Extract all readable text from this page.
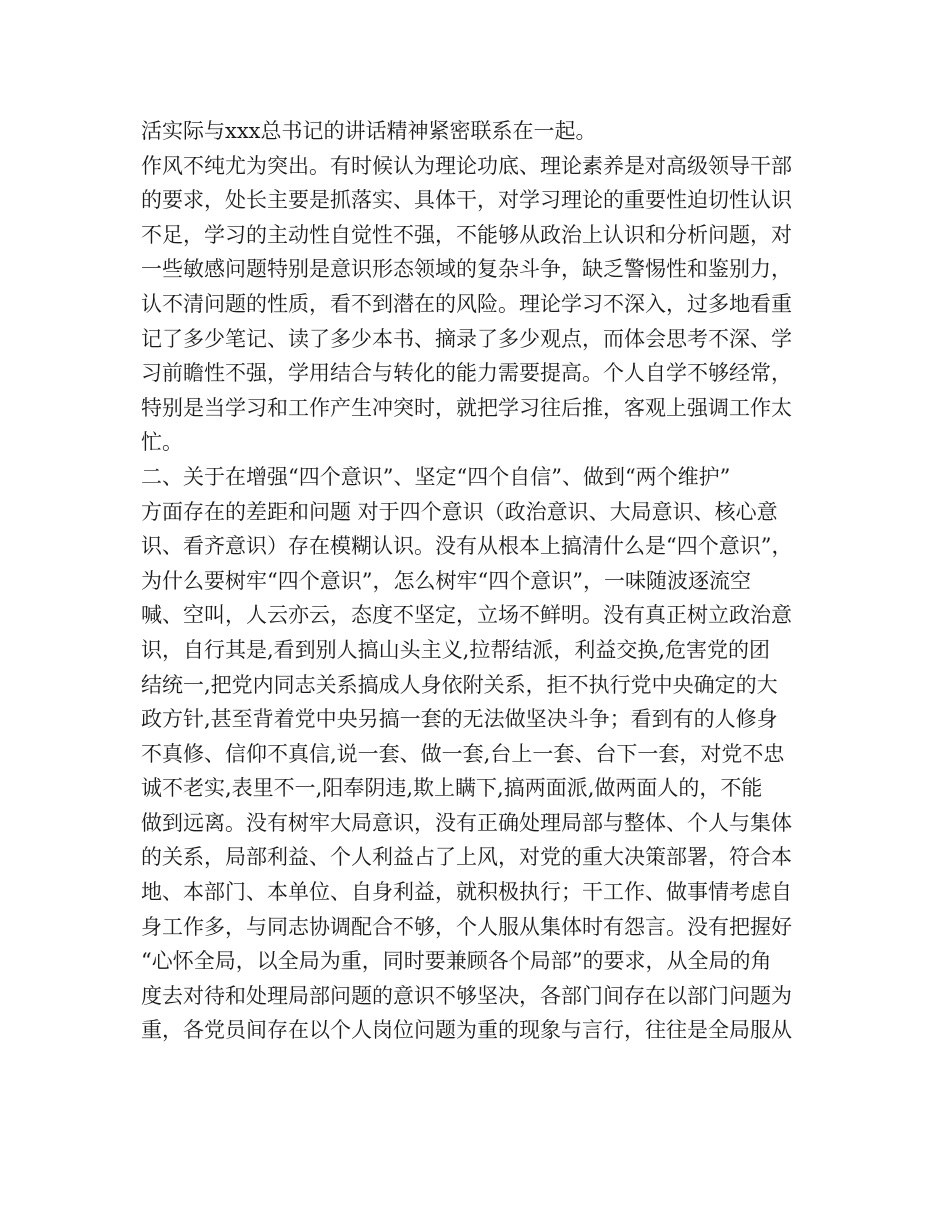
活实际与xxx总书记的讲话精神紧密联系在一起。
作风不纯尤为突出。有时候认为理论功底、理论素养是对高级领导干部
的要求，处长主要是抓落实、具体干，对学习理论的重要性迫切性认识
不足，学习的主动性自觉性不强，不能够从政治上认识和分析问题，对
一些敏感问题特别是意识形态领域的复杂斗争，缺乏警惕性和鉴别力，
认不清问题的性质，看不到潜在的风险。理论学习不深入，过多地看重
记了多少笔记、读了多少本书、摘录了多少观点，而体会思考不深、学
习前瞻性不强，学用结合与转化的能力需要提高。个人自学不够经常，
特别是当学习和工作产生冲突时，就把学习往后推，客观上强调工作太
忙。
二、关于在增强“四个意识”、坚定“四个自信”、做到“两个维护”
方面存在的差距和问题 对于四个意识（政治意识、大局意识、核心意
识、看齐意识）存在模糊认识。没有从根本上搞清什么是“四个意识”，
为什么要树牢“四个意识”，怎么树牢“四个意识”，一味随波逐流空
喊、空叫，人云亦云，态度不坚定，立场不鲜明。没有真正树立政治意
识，自行其是,看到别人搞山头主义,拉帮结派，利益交换,危害党的团
结统一,把党内同志关系搞成人身依附关系，拒不执行党中央确定的大
政方针,甚至背着党中央另搞一套的无法做坚决斗争；看到有的人修身
不真修、信仰不真信,说一套、做一套,台上一套、台下一套，对党不忠
诚不老实,表里不一,阳奉阴违,欺上瞒下,搞两面派,做两面人的，不能
做到远离。没有树牢大局意识，没有正确处理局部与整体、个人与集体
的关系，局部利益、个人利益占了上风，对党的重大决策部署，符合本
地、本部门、本单位、自身利益，就积极执行；干工作、做事情考虑自
身工作多，与同志协调配合不够，个人服从集体时有怨言。没有把握好
“心怀全局，以全局为重，同时要兼顾各个局部”的要求，从全局的角
度去对待和处理局部问题的意识不够坚决，各部门间存在以部门问题为
重，各党员间存在以个人岗位问题为重的现象与言行，往往是全局服从
